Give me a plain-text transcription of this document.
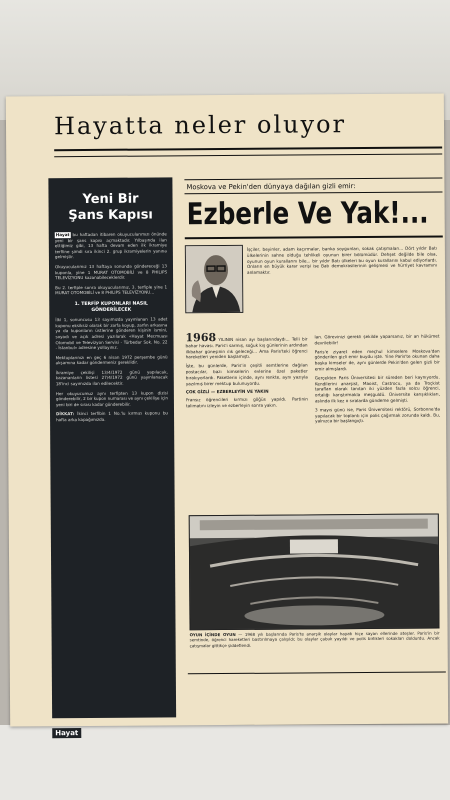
Hayatta neler oluyor
Yeni Bir
Şans Kapısı

Hayat bu haftadan itibaren okuyucularımızı önünde yeni bir şans kapısı açmaktadır. Yılbaşında ilan ettiğimiz gibi, 13 hafta devam eden ilk ikramiye terfiine şimdi sıra ikinci 2. grup ikramiyelerin yanına gelmiştir.

Okuyucularımız 13 haftaya sonunda göndereceği 13 kuponla, yine 1 MURAT OTOMOBİLİ ve 8 PHILIPS TELEVİZYONU kazanabileceklerdir.

Bu 2. terfiple sonra okuyucularımız, 3. terfiple yine 1 MURAT OTOMOBİLİ ve 8 PHILIPS TELEVİZYONU...

1. TERFİP KUPONLARI NASIL GÖNDERİLECEK

İlki 1, sonuncusu 13 sayımızda yayınlanan 13 adet kuponu eksiksiz olarak bir zarfa koyup, zarfın arkasına ya da kuponların üstlerine gönderen kişinin ismini, soyadı ve açık adresi yazılarak «Hayat Mecmuası Otomobil ve Televizyon Servisi - Türbedar Sok. No. 22 - İstanbul» adresine yollayınız.

Mektuplarınızı en geç 6 nisan 1972 perşembe günü akşamına kadar göndermeniz gereklidir.

İkramiye çekilişi 13/4/1972 günü yapılacak, kazananların listesi 27/4/1972 günü yayınlanacak 18'inci sayımızda ilan edilecektir.

Her okuyucumuz aynı terfipten 13 kupon dizisi gönderebilir, 2 bir kupon numarası ve aynı çekilişe için yeni biri de sırası kadar gönderebilir.

DİKKAT: İkinci terfibin 1 No.'lu kırmızı kuponu bu hafta arka kapağımızda.

Moskova ve Pekin'den dünyaya dağılan gizli emir:
Ezberle Ve Yak!...
İşçiler, beyinler, adam kaçırmalar, banka soygunları, sokak çatışmaları... Dört yıldır Batı ülkelerinin sahne olduğu tehlikeli oyunun birer bölümüdür. Dehşet değilde bile olsa, oyunun oyun kurallarını bile... bir yıldır Batı ülkeleri bu oyun kurallarını kabul ediyorlardı. Onların en büyük karar verişi ise Batı demokrasilerinin gelişmesi ve hürriyet kavramını anlamaktır.

1968 YILININ nisan ayı başlarındaydı... Telli bir bahar havası. Paris'i sarmış, soğuk kış günlerinin ardından ilkbahar güneşinin ılık geleceği... Ama Paris'teki öğrenci hareketleri yeniden başlamıştı.

İşte, bu günlerde, Paris'in çeşitli semtlerine dağılan postacılar, bazı kimselerin evlerine özel paketler bırakıyorlardı. Paketlerin içinde, aynı renkte, aynı yazıyla yazılmış birer mektup bulunuyordu.

ÇOK GİZLİ — EZBERLEYİN VE YAKIN

Fransız öğrencileri kırmızı göğüs yapıldı. Partinin talimatını izleyin ve ezberleyin sonra yakın.

ları. Görevinizi gerekli şekilde yaparsanız, bir an hükümet devrilebilir!

Paris'e ziyaret eden meçhul kimselere Moskova'dan gönderilen gizli emir buydu işte. Yine Paris'te okunan daha başka kimseler de, aynı günlerde Pekin'den gelen gizli bir emir almışlardı.

Gerçekten Paris Üniversitesi bir süreden beri kaynıyordu. Kendilerini anarşist, Maoist, Castrocu, ya da Troçkist tarafları olarak tanıtan iki yüzden fazla solcu öğrenci, ortalığı karıştırmakla meşguldü. Üniversite karışıklıkları, aslında ilk kez o sıralarda gündeme gelmişti.

3 mayıs günü ise, Paris Üniversitesi rektörü, Sorbonne'da yapılacak bir toplantı için polis çağırmak zorunda kaldı. Bu, yalnızca bir başlangıçtı.

OYUN İÇİNDE OYUN — 1968 yılı başlarında Paris'te anarşik olaylar hayatı hiçe sayan ellerinde ateşler. Paris'in bir semtinde, öğrenci hareketleri bastırılmaya çalışıldı; bu olaylar çabuk yayıldı ve polis birlikleri sokakları doldurdu. Ancak çatışmalar gittikçe şiddetlendi.
Hayat
